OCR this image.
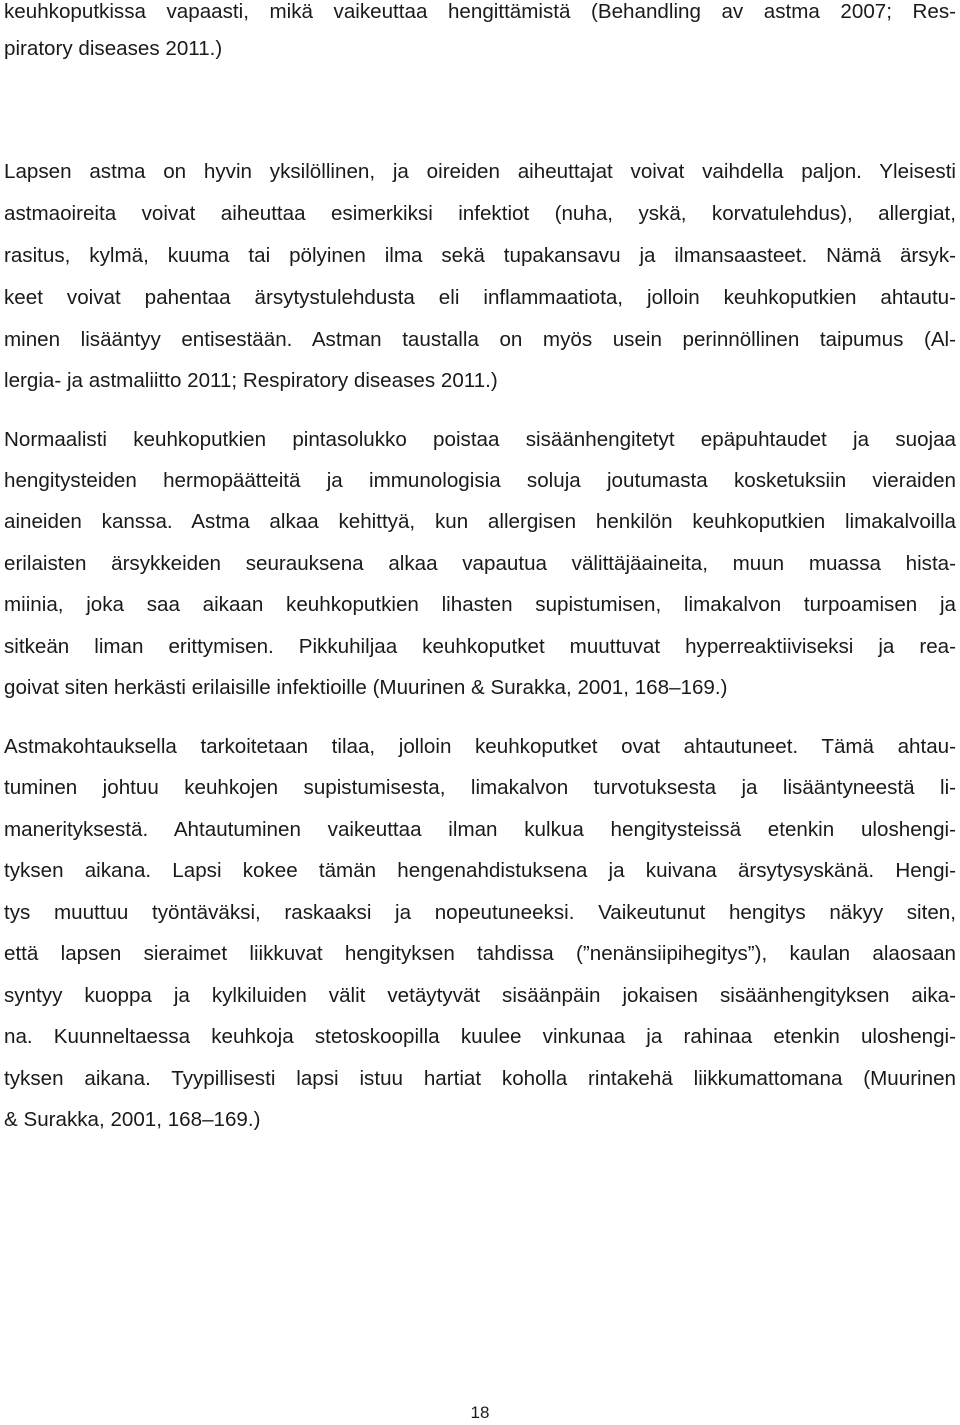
keuhkoputkissa vapaasti, mikä vaikeuttaa hengittämistä (Behandling av astma 2007; Res-
piratory diseases 2011.)
Lapsen astma on hyvin yksilöllinen, ja oireiden aiheuttajat voivat vaihdella paljon. Yleisesti
astmaoireita voivat aiheuttaa esimerkiksi infektiot (nuha, yskä, korvatulehdus), allergiat,
rasitus, kylmä, kuuma tai pölyinen ilma sekä tupakansavu ja ilmansaasteet. Nämä ärsyk-
keet voivat pahentaa ärsytystulehdusta eli inflammaatiota, jolloin keuhkoputkien ahtautu-
minen lisääntyy entisestään. Astman taustalla on myös usein perinnöllinen taipumus (Al-
lergia- ja astmaliitto 2011; Respiratory diseases 2011.)
Normaalisti keuhkoputkien pintasolukko poistaa sisäänhengitetyt epäpuhtaudet ja suojaa
hengitysteiden hermopäätteitä ja immunologisia soluja joutumasta kosketuksiin vieraiden
aineiden kanssa. Astma alkaa kehittyä, kun allergisen henkilön keuhkoputkien limakalvoilla
erilaisten ärsykkeiden seurauksena alkaa vapautua välittäjäaineita, muun muassa hista-
miinia, joka saa aikaan keuhkoputkien lihasten supistumisen, limakalvon turpoamisen ja
sitkeän liman erittymisen. Pikkuhiljaa keuhkoputket muuttuvat hyperreaktiiviseksi ja rea-
goivat siten herkästi erilaisille infektioille (Muurinen & Surakka, 2001, 168–169.)
Astmakohtauksella tarkoitetaan tilaa, jolloin keuhkoputket ovat ahtautuneet. Tämä ahtau-
tuminen johtuu keuhkojen supistumisesta, limakalvon turvotuksesta ja lisääntyneestä li-
manerityksestä. Ahtautuminen vaikeuttaa ilman kulkua hengitysteissä etenkin uloshengi-
tyksen aikana. Lapsi kokee tämän hengenahdistuksena ja kuivana ärsytysyskänä. Hengi-
tys muuttuu työntäväksi, raskaaksi ja nopeutuneeksi. Vaikeutunut hengitys näkyy siten,
että lapsen sieraimet liikkuvat hengityksen tahdissa (”nenänsiipihegitys”), kaulan alaosaan
syntyy kuoppa ja kylkiluiden välit vetäytyvät sisäänpäin jokaisen sisäänhengityksen aika-
na. Kuunneltaessa keuhkoja stetoskoopilla kuulee vinkunaa ja rahinaa etenkin uloshengi-
tyksen aikana. Tyypillisesti lapsi istuu hartiat koholla rintakehä liikkumattomana (Muurinen
& Surakka, 2001, 168–169.)
18
